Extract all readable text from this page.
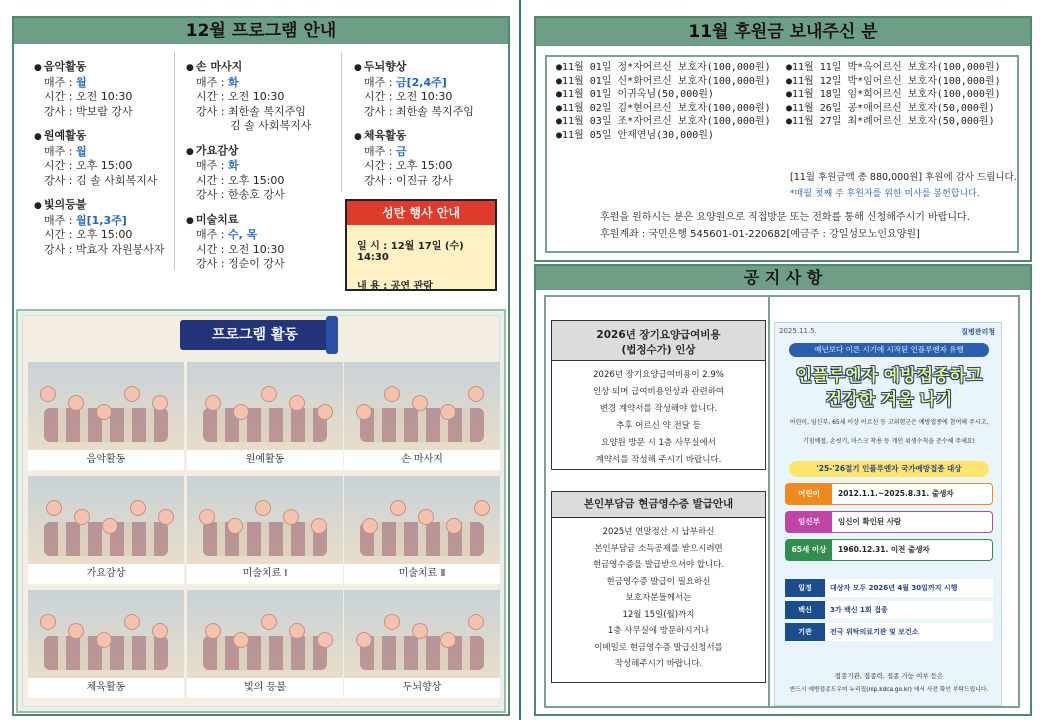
12월 프로그램 안내
● 음악활동
매주 : 월
시간 : 오전 10:30
강사 : 박보람 강사
● 원예활동
매주 : 월
시간 : 오후 15:00
강사 : 김 솔 사회복지사
● 빛의등불
매주 : 월[1,3주]
시간 : 오후 15:00
강사 : 박효자 자원봉사자
● 손 마사지
매주 : 화
시간 : 오전 10:30
강사 : 최한솔 복지주임
김 솔 사회복지사
● 가요감상
매주 : 화
시간 : 오후 15:00
강사 : 한송호 강사
● 미술치료
매주 : 수, 목
시간 : 오전 10:30
강사 : 정순이 강사
● 두뇌향상
매주 : 금[2,4주]
시간 : 오전 10:30
강사 : 최한솔 복지주임
● 체육활동
매주 : 금
시간 : 오후 15:00
강사 : 이진규 강사
성탄 행사 안내
일 시 : 12월 17일 (수) 14:30
내 용 : 공연 관람
프로그램 활동
음악활동	원예활동	손 마사지
가요감상	미술치료 Ⅰ	미술치료 Ⅱ
체육활동	빛의 등불	두뇌향상
11월 후원금 보내주신 분
●11월 01일 정*자어르신 보호자(100,000원)
●11월 01일 신*화어르신 보호자(100,000원)
●11월 01일 이귀옥님(50,000원)
●11월 02일 김*현어르신 보호자(100,000원)
●11월 03일 조*자어르신 보호자(100,000원)
●11월 05일 안재연님(30,000원)
●11월 11일 박*옥어르신 보호자(100,000원)
●11월 12일 박*임어르신 보호자(100,000원)
●11월 18일 임*희어르신 보호자(100,000원)
●11월 26일 공*애어르신 보호자(50,000원)
●11월 27일 최*례어르신 보호자(50,000원)
[11월 후원금액 총 880,000원] 후원에 감사 드립니다.
*매월 첫째 주 후원자를 위한 미사를 봉헌합니다.
후원을 원하시는 분은 요양원으로 직접방문 또는 전화를 통해 신청해주시기 바랍니다.
후원계좌 : 국민은행 545601-01-220682[예금주 : 강일성모노인요양원]
공 지 사 항
2026년 장기요양급여비용
(법정수가) 인상
2026년 장기요양급여비용이 2.9%
인상 되며 급여비용인상과 관련하여
변경 계약서를 작성해야 합니다.
추후 어르신 약 전달 등
요양원 방문 시 1층 사무실에서
계약서를 작성해 주시기 바랍니다.
본인부담금 현금영수증 발급안내
2025년 연말정산 시 납부하신
본인부담금 소득공제를 받으시려면
현금영수증을 발급받으셔야 합니다.
현금영수증 발급이 필요하신
보호자분들께서는
12월 15일(월)까지
1층 사무실에 방문하시거나
이메일로 현금영수증 발급신청서를
작성해주시기 바랍니다.
2025.11.5.	질병관리청
예년보다 이른 시기에 시작된 인플루엔자 유행
인플루엔자 예방접종하고
건강한 겨울 나기
어린이, 임신부, 65세 이상 어르신 등 고위험군은 예방접종에 참여해 주시고,
기침예절, 손씻기, 마스크 착용 등 개인 위생수칙을 준수해 주세요!
'25-'26절기 인플루엔자 국가예방접종 대상
어린이 2012.1.1.~2025.8.31. 출생자
임신부 임신이 확인된 사람
65세 이상 1960.12.31. 이전 출생자
일정	대상자 모두 2026년 4월 30일까지 시행
백신	3가 백신 1회 접종
기관	전국 위탁의료기관 및 보건소
접종기관, 접종력, 접종 가능 여부 등은
반드시 예방접종도우미 누리집(nip.kdca.go.kr) 에서 사전 확인 부탁드립니다.
